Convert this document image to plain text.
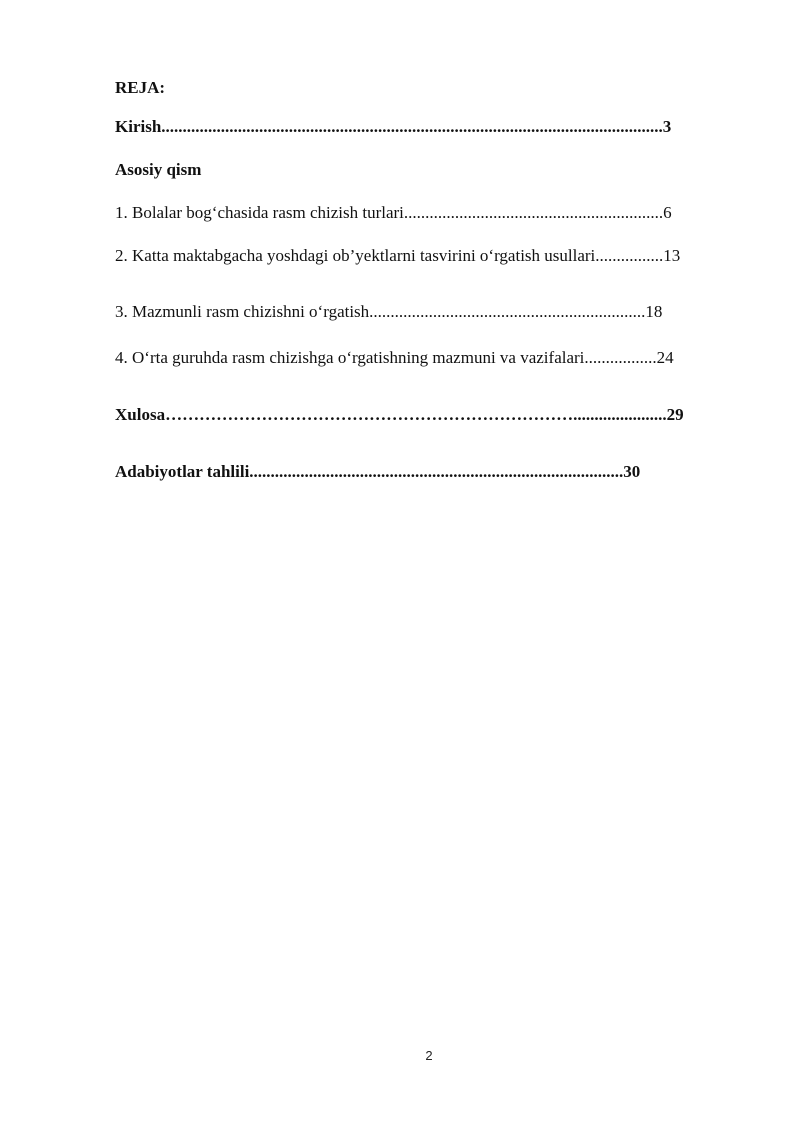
REJA:
Kirish......................................................................................................................3
Asosiy qism
1. Bolalar bog‘chasida rasm chizish turlari.............................................................6
2. Katta maktabgacha yoshdagi ob’yektlarni tasvirini o‘rgatish usullari................13
3. Mazmunli rasm chizishni o‘rgatish.................................................................18
4. O‘rta guruhda rasm chizishga o‘rgatishning mazmuni va vazifalari.................24
Xulosa………………………………………………………………......................29
Adabiyotlar tahlili........................................................................................30
2
